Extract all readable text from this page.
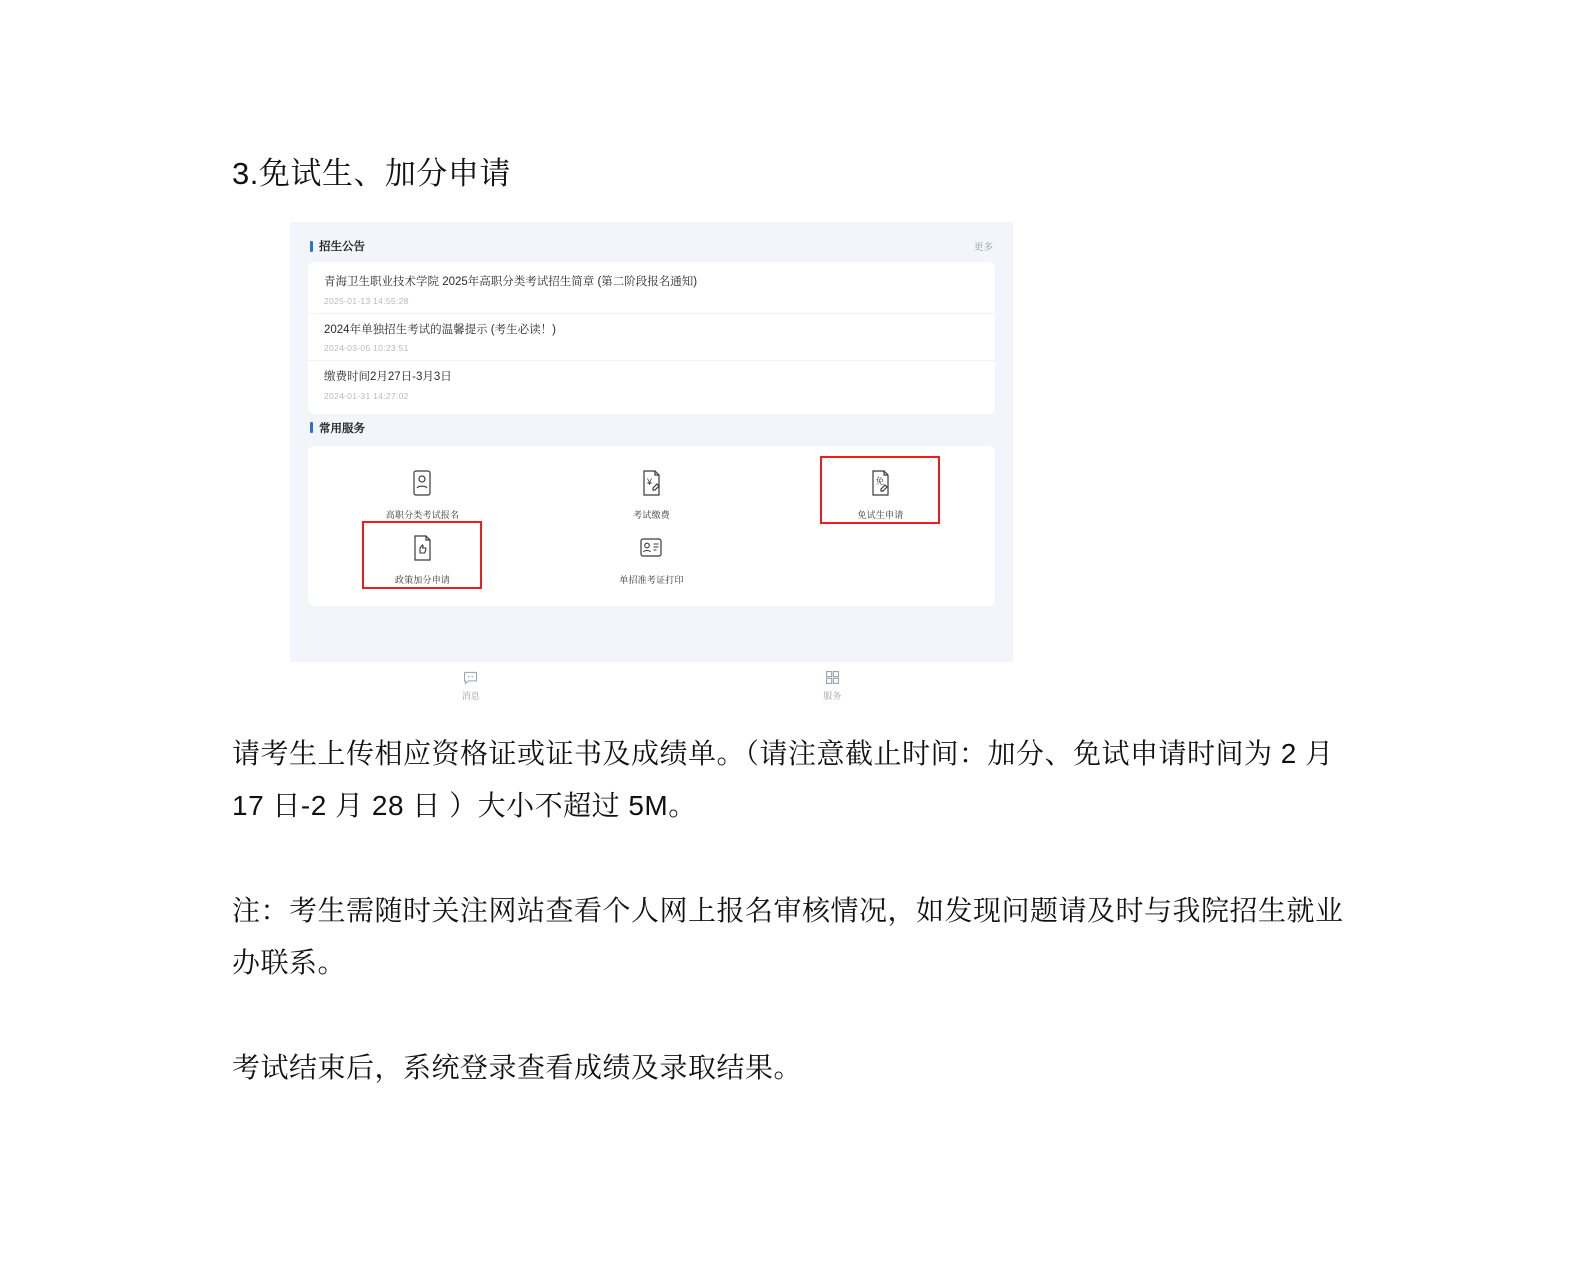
3.免试生、加分申请
招生公告	更多
青海卫生职业技术学院 2025年高职分类考试招生简章 (第二阶段报名通知)
2025-01-13 14:55:28
2024年单独招生考试的温馨提示 (考生必读！)
2024-03-05 10:23:51
缴费时间2月27日-3月3日
2024-01-31 14:27:02
常用服务
高职分类考试报名
¥
考试缴费
免
免试生申请
政策加分申请	单招准考证打印
消息	服务
请考生上传相应资格证或证书及成绩单。（请注意截止时间：加分、免试申请时间为 2 月 17 日-2 月 28 日 ）大小不超过 5M。
注：考生需随时关注网站查看个人网上报名审核情况，如发现问题请及时与我院招生就业办联系。
考试结束后，系统登录查看成绩及录取结果。
